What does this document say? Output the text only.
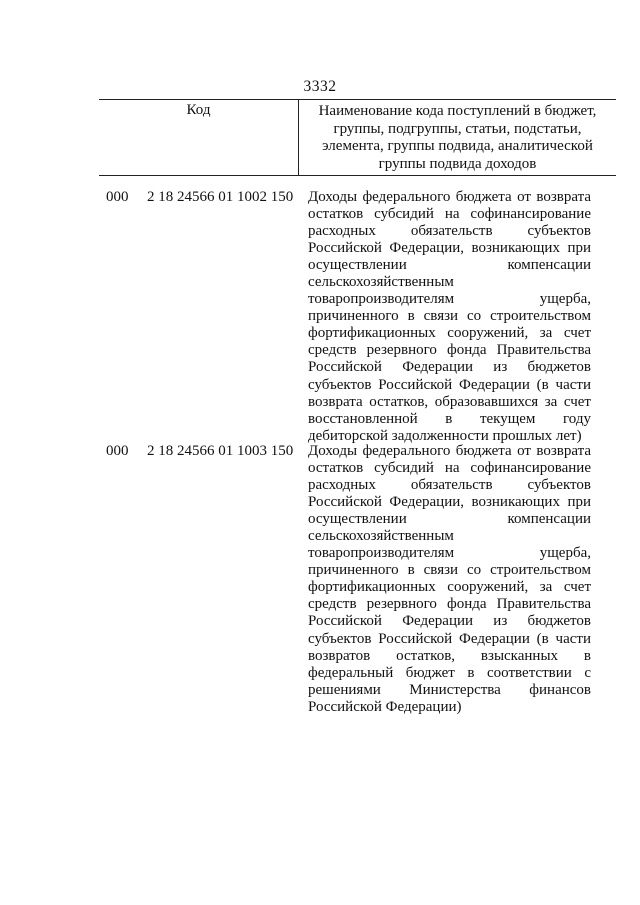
3332
Код	Наименование кода поступлений в бюджет,
группы, подгруппы, статьи, подстатьи,
элемента, группы подвида, аналитической
группы подвида доходов
000 2 18 24566 01 1002 150 Доходы федерального бюджета от возврата
остатков субсидий на софинансирование
расходных обязательств субъектов
Российской Федерации, возникающих при
осуществлении компенсации
сельскохозяйственным
товаропроизводителям ущерба,
причиненного в связи со строительством
фортификационных сооружений, за счет
средств резервного фонда Правительства
Российской Федерации из бюджетов
субъектов Российской Федерации (в части
возврата остатков, образовавшихся за счет
восстановленной в текущем году
дебиторской задолженности прошлых лет)
000 2 18 24566 01 1003 150 Доходы федерального бюджета от возврата
остатков субсидий на софинансирование
расходных обязательств субъектов
Российской Федерации, возникающих при
осуществлении компенсации
сельскохозяйственным
товаропроизводителям ущерба,
причиненного в связи со строительством
фортификационных сооружений, за счет
средств резервного фонда Правительства
Российской Федерации из бюджетов
субъектов Российской Федерации (в части
возвратов остатков, взысканных в
федеральный бюджет в соответствии с
решениями Министерства финансов
Российской Федерации)
